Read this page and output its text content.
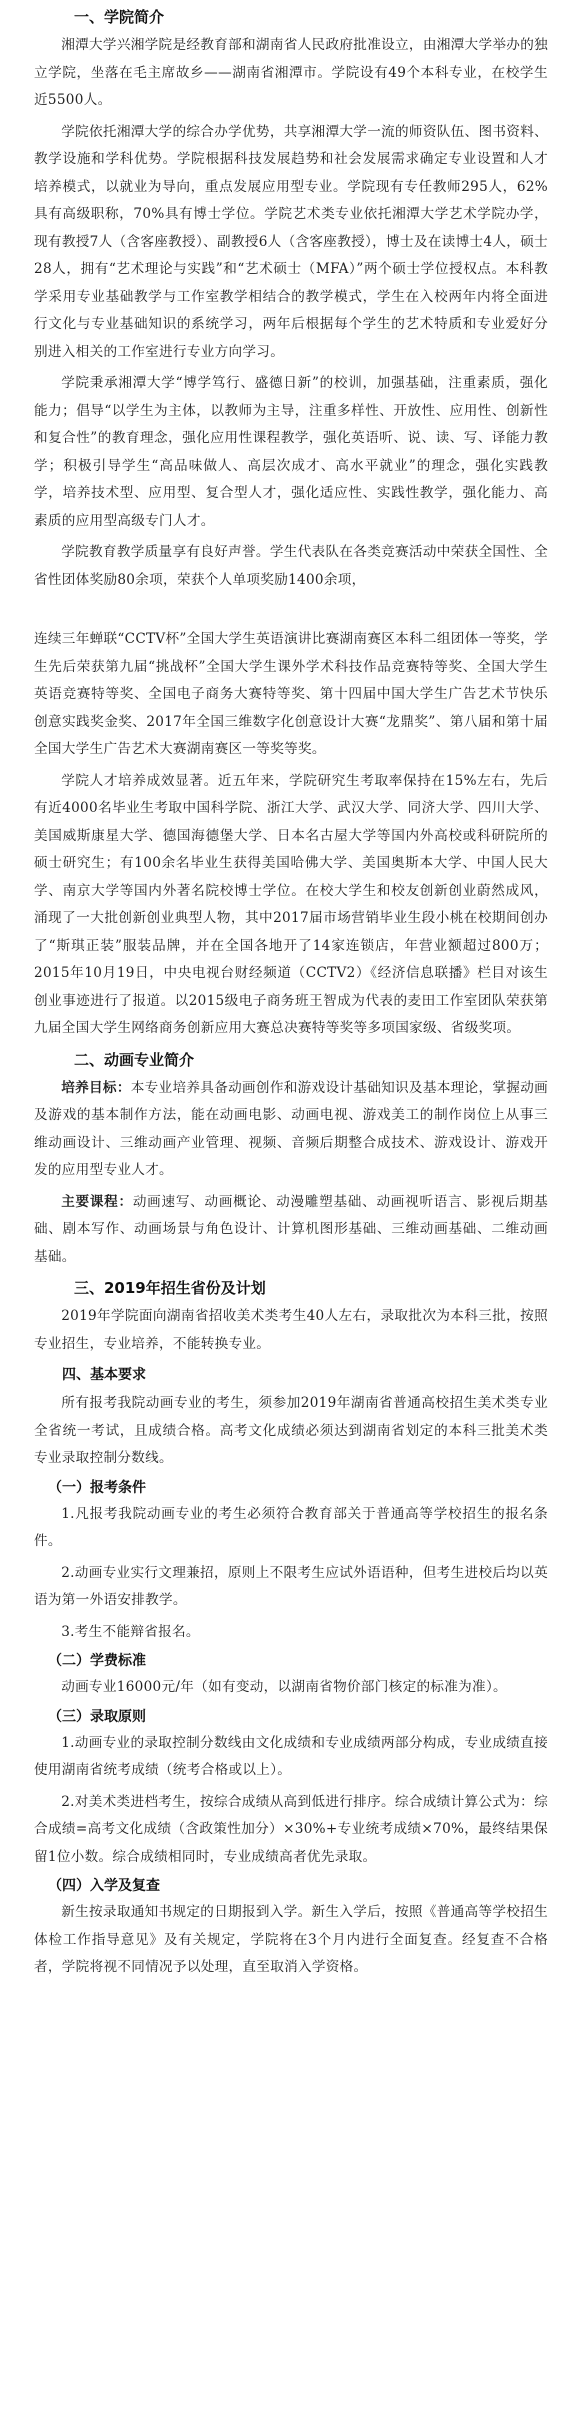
一、学院简介

湘潭大学兴湘学院是经教育部和湖南省人民政府批准设立，由湘潭大学举办的独立学院，坐落在毛主席故乡——湖南省湘潭市。学院设有49个本科专业，在校学生近5500人。

学院依托湘潭大学的综合办学优势，共享湘潭大学一流的师资队伍、图书资料、教学设施和学科优势。学院根据科技发展趋势和社会发展需求确定专业设置和人才培养模式，以就业为导向，重点发展应用型专业。学院现有专任教师295人，62%具有高级职称，70%具有博士学位。学院艺术类专业依托湘潭大学艺术学院办学，现有教授7人（含客座教授）、副教授6人（含客座教授），博士及在读博士4人，硕士28人，拥有“艺术理论与实践”和“艺术硕士（MFA）”两个硕士学位授权点。本科教学采用专业基础教学与工作室教学相结合的教学模式，学生在入校两年内将全面进行文化与专业基础知识的系统学习，两年后根据每个学生的艺术特质和专业爱好分别进入相关的工作室进行专业方向学习。

学院秉承湘潭大学“博学笃行、盛德日新”的校训，加强基础，注重素质，强化能力；倡导“以学生为主体，以教师为主导，注重多样性、开放性、应用性、创新性和复合性”的教育理念，强化应用性课程教学，强化英语听、说、读、写、译能力教学；积极引导学生“高品味做人、高层次成才、高水平就业”的理念，强化实践教学，培养技术型、应用型、复合型人才，强化适应性、实践性教学，强化能力、高素质的应用型高级专门人才。

学院教育教学质量享有良好声誉。学生代表队在各类竞赛活动中荣获全国性、全省性团体奖励80余项，荣获个人单项奖励1400余项，

连续三年蝉联“CCTV杯”全国大学生英语演讲比赛湖南赛区本科二组团体一等奖，学生先后荣获第九届“挑战杯”全国大学生课外学术科技作品竞赛特等奖、全国大学生英语竞赛特等奖、全国电子商务大赛特等奖、第十四届中国大学生广告艺术节快乐创意实践奖金奖、2017年全国三维数字化创意设计大赛“龙鼎奖”、第八届和第十届全国大学生广告艺术大赛湖南赛区一等奖等奖。

学院人才培养成效显著。近五年来，学院研究生考取率保持在15%左右，先后有近4000名毕业生考取中国科学院、浙江大学、武汉大学、同济大学、四川大学、美国威斯康星大学、德国海德堡大学、日本名古屋大学等国内外高校或科研院所的硕士研究生；有100余名毕业生获得美国哈佛大学、美国奥斯本大学、中国人民大学、南京大学等国内外著名院校博士学位。在校大学生和校友创新创业蔚然成风，涌现了一大批创新创业典型人物，其中2017届市场营销毕业生段小桃在校期间创办了“斯琪正装”服装品牌，并在全国各地开了14家连锁店，年营业额超过800万；2015年10月19日，中央电视台财经频道（CCTV2）《经济信息联播》栏目对该生创业事迹进行了报道。以2015级电子商务班王智成为代表的麦田工作室团队荣获第九届全国大学生网络商务创新应用大赛总决赛特等奖等多项国家级、省级奖项。

二、动画专业简介

培养目标：本专业培养具备动画创作和游戏设计基础知识及基本理论，掌握动画及游戏的基本制作方法，能在动画电影、动画电视、游戏美工的制作岗位上从事三维动画设计、三维动画产业管理、视频、音频后期整合成技术、游戏设计、游戏开发的应用型专业人才。

主要课程：动画速写、动画概论、动漫雕塑基础、动画视听语言、影视后期基础、剧本写作、动画场景与角色设计、计算机图形基础、三维动画基础、二维动画基础。

三、2019年招生省份及计划

2019年学院面向湖南省招收美术类考生40人左右，录取批次为本科三批，按照专业招生，专业培养，不能转换专业。

四、基本要求

所有报考我院动画专业的考生，须参加2019年湖南省普通高校招生美术类专业全省统一考试，且成绩合格。高考文化成绩必须达到湖南省划定的本科三批美术类专业录取控制分数线。

（一）报考条件

1.凡报考我院动画专业的考生必须符合教育部关于普通高等学校招生的报名条件。

2.动画专业实行文理兼招，原则上不限考生应试外语语种，但考生进校后均以英语为第一外语安排教学。

3.考生不能辩省报名。

（二）学费标准

动画专业16000元/年（如有变动，以湖南省物价部门核定的标准为准）。

（三）录取原则

1.动画专业的录取控制分数线由文化成绩和专业成绩两部分构成，专业成绩直接使用湖南省统考成绩（统考合格或以上）。

2.对美术类进档考生，按综合成绩从高到低进行排序。综合成绩计算公式为：综合成绩=高考文化成绩（含政策性加分）×30%+专业统考成绩×70%，最终结果保留1位小数。综合成绩相同时，专业成绩高者优先录取。

（四）入学及复查

新生按录取通知书规定的日期报到入学。新生入学后，按照《普通高等学校招生体检工作指导意见》及有关规定，学院将在3个月内进行全面复查。经复查不合格者，学院将视不同情况予以处理，直至取消入学资格。
